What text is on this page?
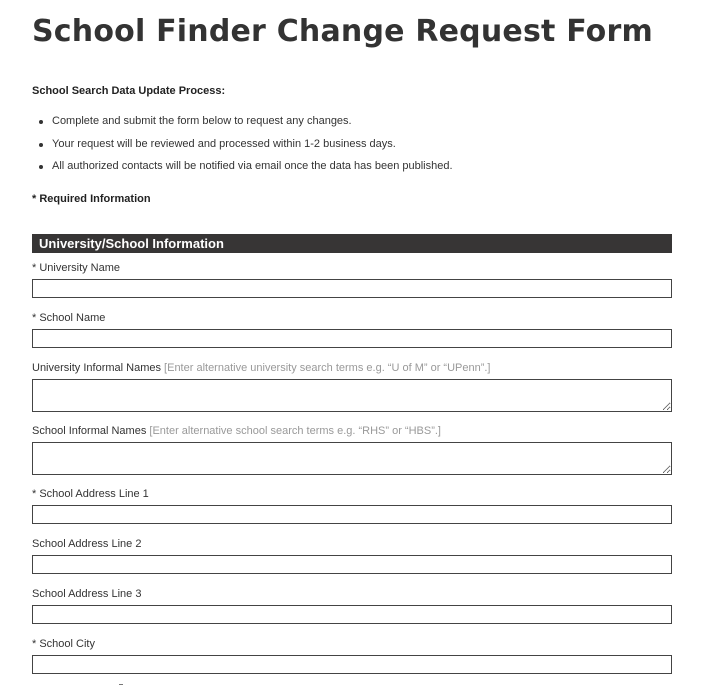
School Finder Change Request Form
School Search Data Update Process:
Complete and submit the form below to request any changes.
Your request will be reviewed and processed within 1-2 business days.
All authorized contacts will be notified via email once the data has been published.
* Required Information
University/School Information
* University Name
* School Name
University Informal Names [Enter alternative university search terms e.g. “U of M” or “UPenn”.]
School Informal Names [Enter alternative school search terms e.g. “RHS” or “HBS”.]
* School Address Line 1
School Address Line 2
School Address Line 3
* School City
